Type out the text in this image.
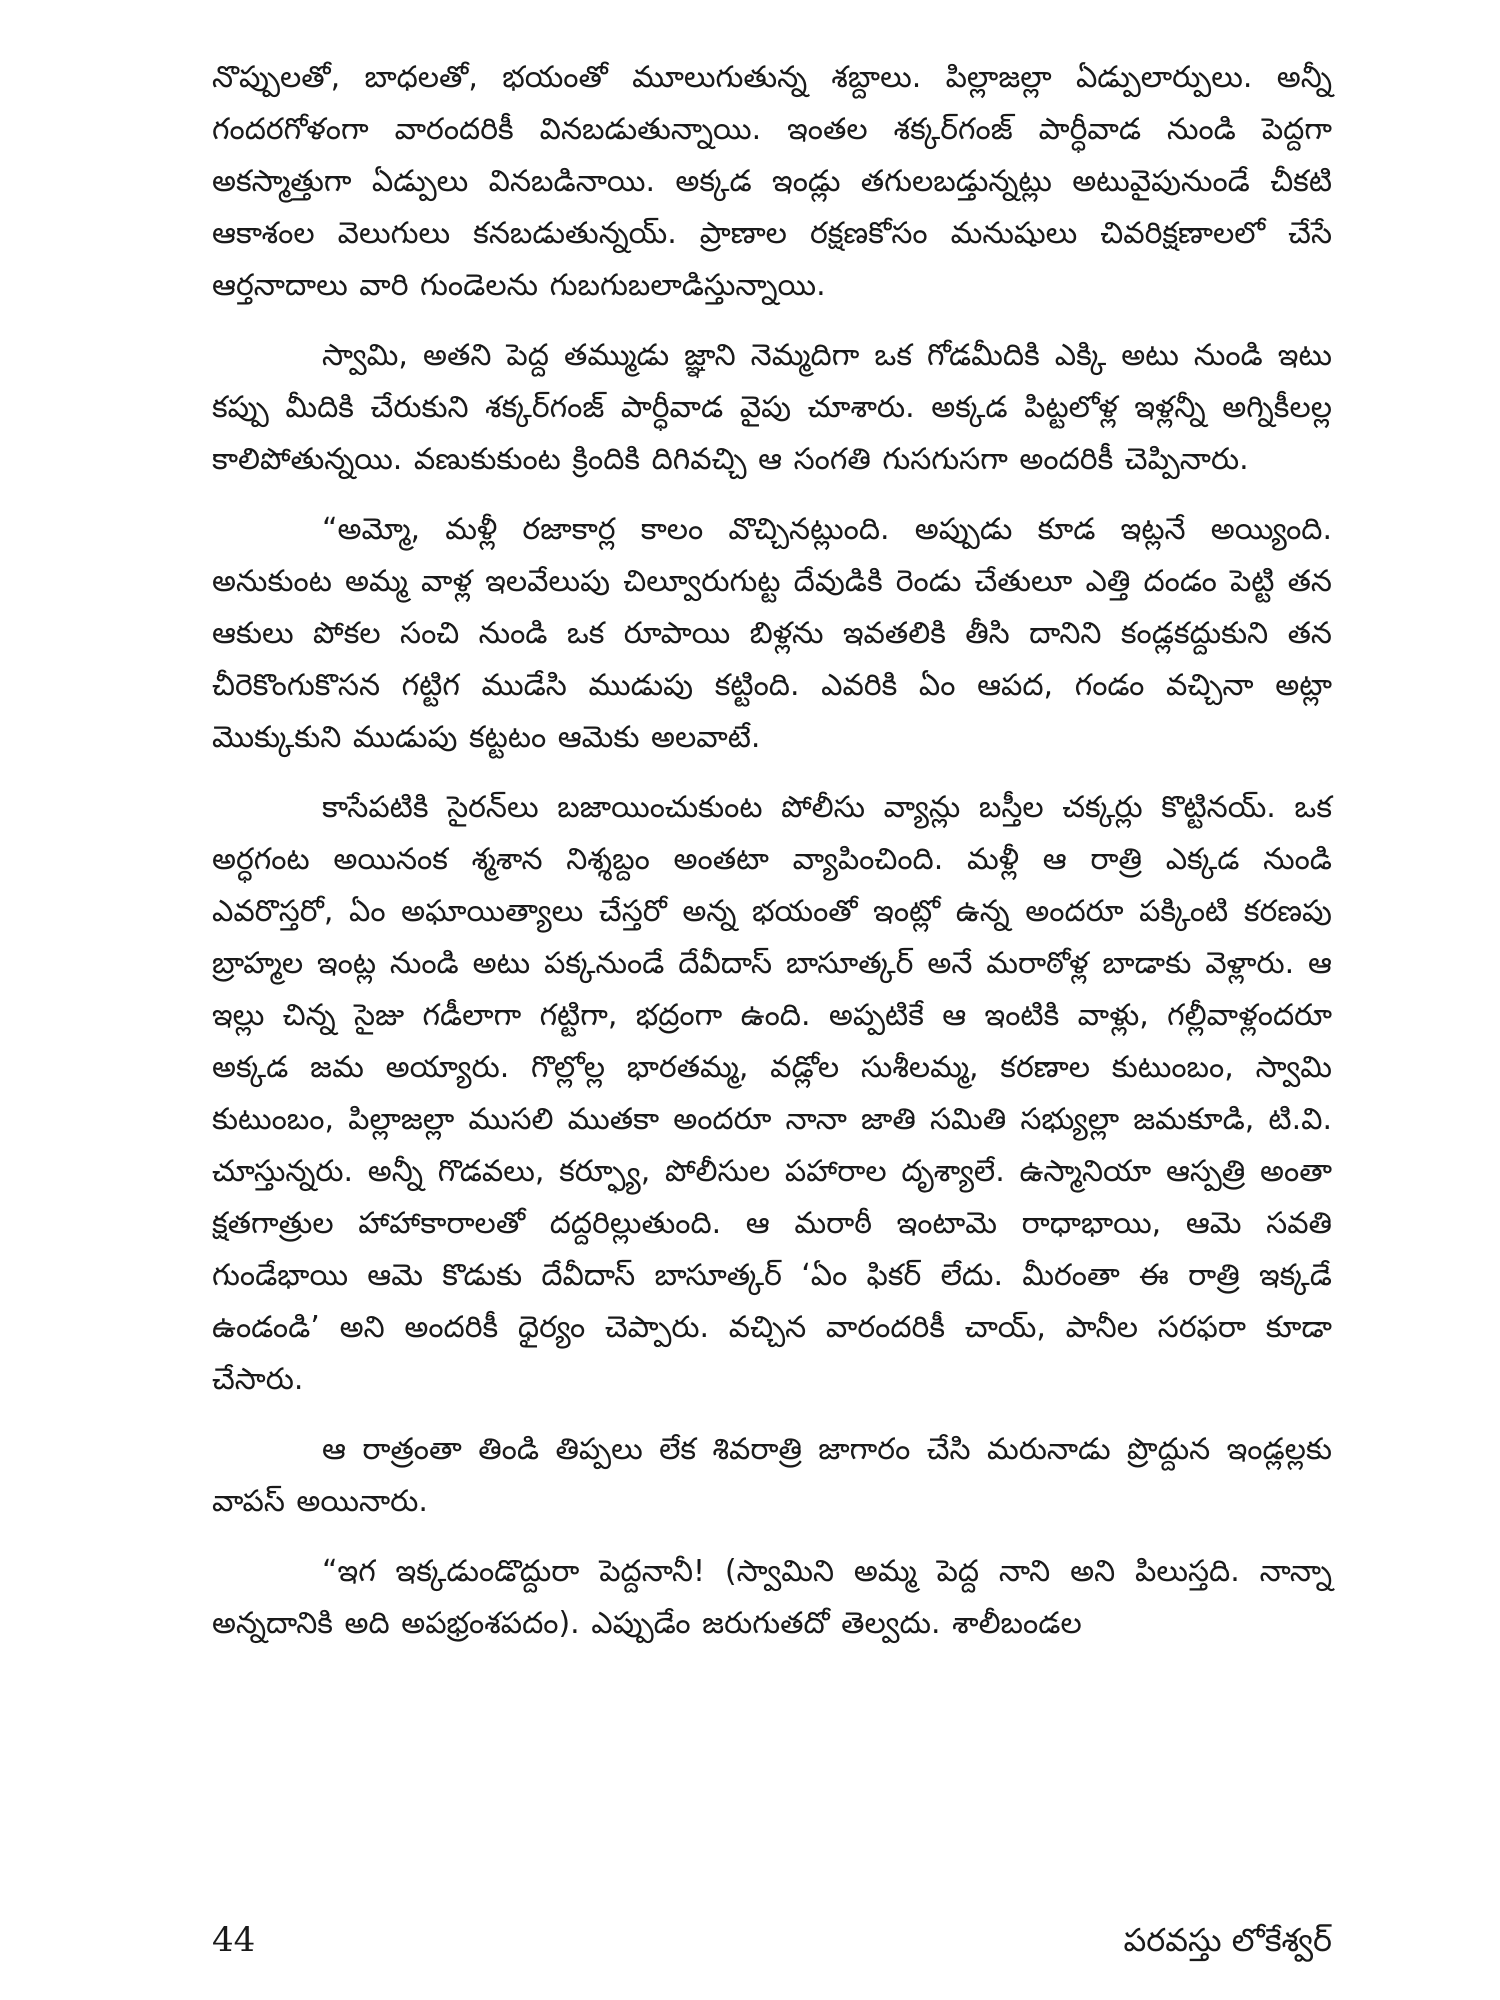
నొప్పులతో, బాధలతో, భయంతో మూలుగుతున్న శబ్దాలు. పిల్లాజల్లా ఏడ్పులార్పులు. అన్నీ గందరగోళంగా వారందరికీ వినబడుతున్నాయి. ఇంతల శక్కర్‌గంజ్ పార్ధీవాడ నుండి పెద్దగా అకస్మాత్తుగా ఏడ్పులు వినబడినాయి. అక్కడ ఇండ్లు తగులబడ్తున్నట్లు అటువైపునుండే చీకటి ఆకాశంల వెలుగులు కనబడుతున్నయ్. ప్రాణాల రక్షణకోసం మనుషులు చివరిక్షణాలలో చేసే ఆర్తనాదాలు వారి గుండెలను గుబగుబలాడిస్తున్నాయి.

స్వామి, అతని పెద్ద తమ్ముడు జ్ఞాని నెమ్మదిగా ఒక గోడమీదికి ఎక్కి అటు నుండి ఇటు కప్పు మీదికి చేరుకుని శక్కర్‌గంజ్ పార్ధీవాడ వైపు చూశారు. అక్కడ పిట్టలోళ్ల ఇళ్లన్నీ అగ్నికీలల్ల కాలిపోతున్నయి. వణుకుకుంట క్రిందికి దిగివచ్చి ఆ సంగతి గుసగుసగా అందరికీ చెప్పినారు.

“అమ్మో, మళ్లీ రజాకార్ల కాలం వొచ్చినట్లుంది. అప్పుడు కూడ ఇట్లనే అయ్యింది. అనుకుంట అమ్మ వాళ్ల ఇలవేలుపు చిల్వూరుగుట్ట దేవుడికి రెండు చేతులూ ఎత్తి దండం పెట్టి తన ఆకులు పోకల సంచి నుండి ఒక రూపాయి బిళ్లను ఇవతలికి తీసి దానిని కండ్లకద్దుకుని తన చీరెకొంగుకొసన గట్టిగ ముడేసి ముడుపు కట్టింది. ఎవరికి ఏం ఆపద, గండం వచ్చినా అట్లా మొక్కుకుని ముడుపు కట్టటం ఆమెకు అలవాటే.

కాసేపటికి సైరన్‌లు బజాయించుకుంట పోలీసు వ్యాన్లు బస్తీల చక్కర్లు కొట్టినయ్. ఒక అర్ధగంట అయినంక శ్మశాన నిశ్శబ్దం అంతటా వ్యాపించింది. మళ్లీ ఆ రాత్రి ఎక్కడ నుండి ఎవరొస్తరో, ఏం అఘాయిత్యాలు చేస్తరో అన్న భయంతో ఇంట్లో ఉన్న అందరూ పక్కింటి కరణపు బ్రాహ్మల ఇంట్ల నుండి అటు పక్కనుండే దేవీదాస్ బాసూత్కర్ అనే మరాఠోళ్ల బాడాకు వెళ్లారు. ఆ ఇల్లు చిన్న సైజు గడీలాగా గట్టిగా, భద్రంగా ఉంది. అప్పటికే ఆ ఇంటికి వాళ్లు, గల్లీవాళ్లందరూ అక్కడ జమ అయ్యారు. గొల్లోల్ల భారతమ్మ, వడ్లోల సుశీలమ్మ, కరణాల కుటుంబం, స్వామి కుటుంబం, పిల్లాజల్లా ముసలి ముతకా అందరూ నానా జాతి సమితి సభ్యుల్లా జమకూడి, టి.వి. చూస్తున్నరు. అన్నీ గొడవలు, కర్ఫ్యూ, పోలీసుల పహారాల దృశ్యాలే. ఉస్మానియా ఆస్పత్రి అంతా క్షతగాత్రుల హాహాకారాలతో దద్దరిల్లుతుంది. ఆ మరాఠీ ఇంటామె రాధాభాయి, ఆమె సవతి గుండేభాయి ఆమె కొడుకు దేవీదాస్ బాసూత్కర్ ‘ఏం ఫికర్ లేదు. మీరంతా ఈ రాత్రి ఇక్కడే ఉండండి’ అని అందరికీ ధైర్యం చెప్పారు. వచ్చిన వారందరికీ చాయ్, పానీల సరఫరా కూడా చేసారు.

ఆ రాత్రంతా తిండి తిప్పలు లేక శివరాత్రి జాగారం చేసి మరునాడు ప్రొద్దున ఇండ్లల్లకు వాపస్ అయినారు.

“ఇగ ఇక్కడుండొద్దురా పెద్దనానీ! (స్వామిని అమ్మ పెద్ద నాని అని పిలుస్తది. నాన్నా అన్నదానికి అది అపభ్రంశపదం). ఎప్పుడేం జరుగుతదో తెల్వదు. శాలీబండల

44	పరవస్తు లోకేశ్వర్
